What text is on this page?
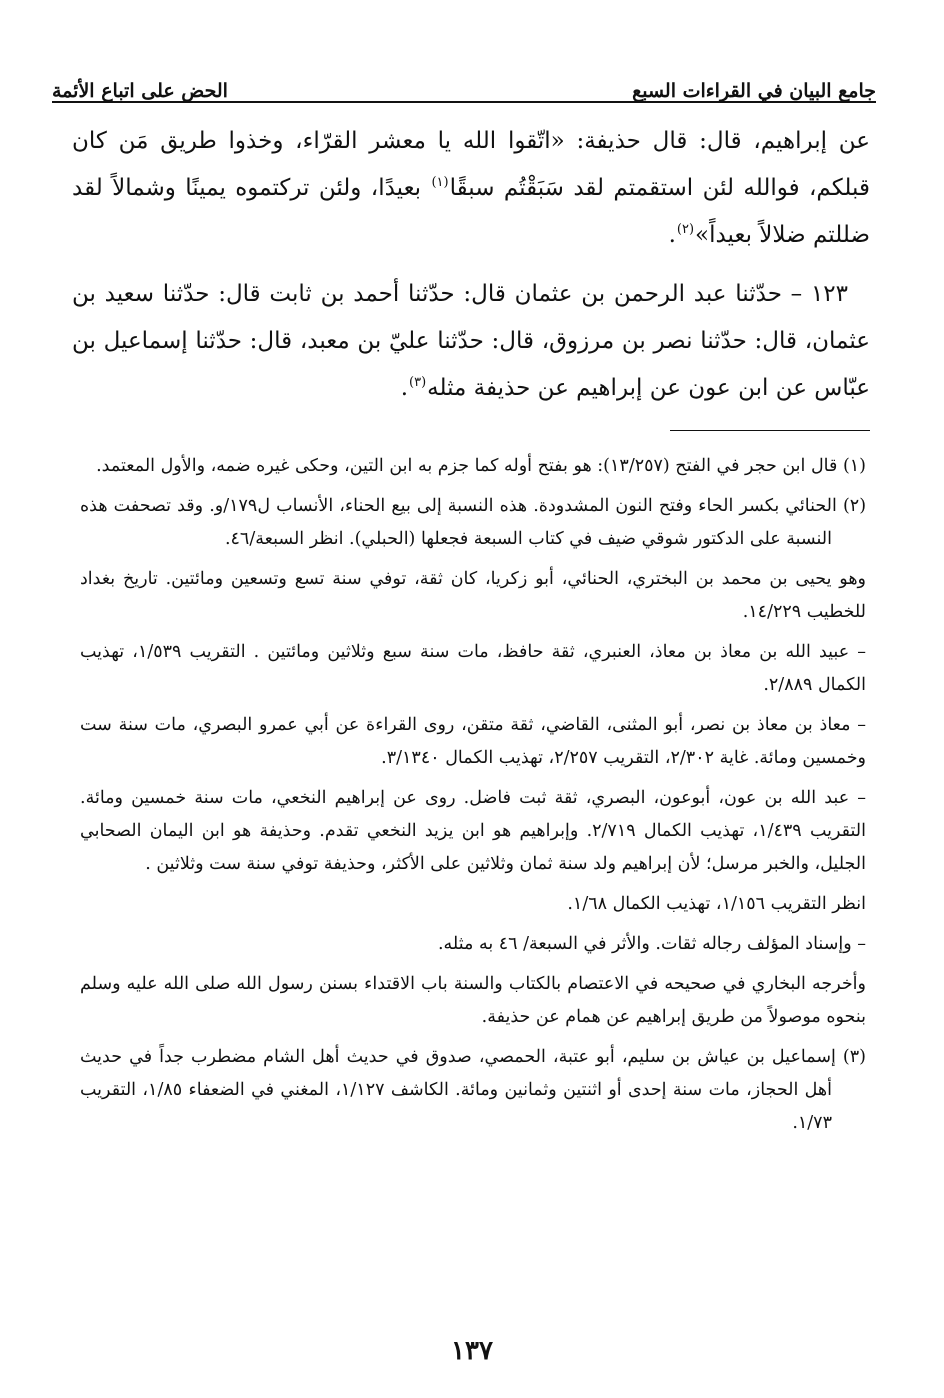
جامع البيان في القراءات السبع
الحض على اتباع الأئمة

عن إبراهيم، قال: قال حذيفة: «اتّقوا الله يا معشر القرّاء، وخذوا طريق مَن كان قبلكم، فوالله لئن استقمتم لقد سَبَقْتُم سبقًا$^{(١)}$ بعيدًا، ولئن تركتموه يمينًا وشمالاً لقد ضللتم ضلالاً بعيداً»$^{(٢)}$.

١٢٣ – حدّثنا عبد الرحمن بن عثمان قال: حدّثنا أحمد بن ثابت قال: حدّثنا سعيد بن عثمان، قال: حدّثنا نصر بن مرزوق، قال: حدّثنا عليّ بن معبد، قال: حدّثنا إسماعيل بن عبّاس عن ابن عون عن إبراهيم عن حذيفة مثله$^{(٣)}$.

(١) قال ابن حجر في الفتح (١٣/٢٥٧): هو بفتح أوله كما جزم به ابن التين، وحكى غيره ضمه، والأول المعتمد.

(٢) الحنائي بكسر الحاء وفتح النون المشدودة. هذه النسبة إلى بيع الحناء، الأنساب ل١٧٩/و. وقد تصحفت هذه النسبة على الدكتور شوقي ضيف في كتاب السبعة فجعلها (الحبلي). انظر السبعة/٤٦.

وهو يحيى بن محمد بن البختري، الحنائي، أبو زكريا، كان ثقة، توفي سنة تسع وتسعين ومائتين. تاريخ بغداد للخطيب ١٤/٢٢٩.

– عبيد الله بن معاذ بن معاذ، العنبري، ثقة حافظ، مات سنة سبع وثلاثين ومائتين . التقريب ١/٥٣٩، تهذيب الكمال ٢/٨٨٩.

– معاذ بن معاذ بن نصر، أبو المثنى، القاضي، ثقة متقن، روى القراءة عن أبي عمرو البصري، مات سنة ست وخمسين ومائة. غاية ٢/٣٠٢، التقريب ٢/٢٥٧، تهذيب الكمال ٣/١٣٤٠.

– عبد الله بن عون، أبوعون، البصري، ثقة ثبت فاضل. روى عن إبراهيم النخعي، مات سنة خمسين ومائة. التقريب ١/٤٣٩، تهذيب الكمال ٢/٧١٩. وإبراهيم هو ابن يزيد النخعي تقدم. وحذيفة هو ابن اليمان الصحابي الجليل، والخبر مرسل؛ لأن إبراهيم ولد سنة ثمان وثلاثين على الأكثر، وحذيفة توفي سنة ست وثلاثين .

انظر التقريب ١/١٥٦، تهذيب الكمال ١/٦٨.

– وإسناد المؤلف رجاله ثقات. والأثر في السبعة/ ٤٦ به مثله.

وأخرجه البخاري في صحيحه في الاعتصام بالكتاب والسنة باب الاقتداء بسنن رسول الله صلى الله عليه وسلم بنحوه موصولاً من طريق إبراهيم عن همام عن حذيفة.

(٣) إسماعيل بن عياش بن سليم، أبو عتبة، الحمصي، صدوق في حديث أهل الشام مضطرب جداً في حديث أهل الحجاز، مات سنة إحدى أو اثنتين وثمانين ومائة. الكاشف ١/١٢٧، المغني في الضعفاء ١/٨٥، التقريب ١/٧٣.

١٣٧
